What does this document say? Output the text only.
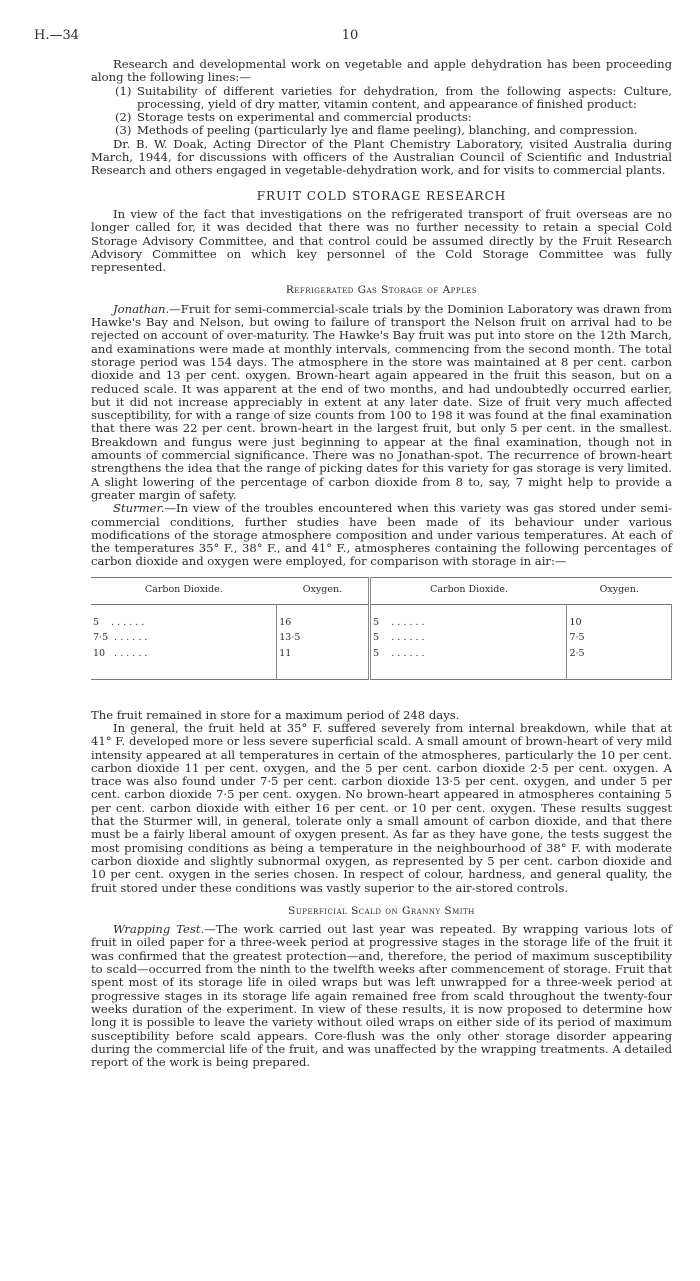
H.—34	10

Research and developmental work on vegetable and apple dehydration has been proceeding along the following lines:—

(1) Suitability of different varieties for dehydration, from the following aspects: Culture, processing, yield of dry matter, vitamin content, and appearance of finished product:
(2) Storage tests on experimental and commercial products:
(3) Methods of peeling (particularly lye and flame peeling), blanching, and compression.

Dr. B. W. Doak, Acting Director of the Plant Chemistry Laboratory, visited Australia during March, 1944, for discussions with officers of the Australian Council of Scientific and Industrial Research and others engaged in vegetable-dehydration work, and for visits to commercial plants.

FRUIT COLD STORAGE RESEARCH

In view of the fact that investigations on the refrigerated transport of fruit overseas are no longer called for, it was decided that there was no further necessity to retain a special Cold Storage Advisory Committee, and that control could be assumed directly by the Fruit Research Advisory Committee on which key personnel of the Cold Storage Committee was fully represented.

Refrigerated Gas Storage of Apples

Jonathan.—Fruit for semi-commercial-scale trials by the Dominion Laboratory was drawn from Hawke's Bay and Nelson, but owing to failure of transport the Nelson fruit on arrival had to be rejected on account of over-maturity. The Hawke's Bay fruit was put into store on the 12th March, and examinations were made at monthly intervals, commencing from the second month. The total storage period was 154 days. The atmosphere in the store was maintained at 8 per cent. carbon dioxide and 13 per cent. oxygen. Brown-heart again appeared in the fruit this season, but on a reduced scale. It was apparent at the end of two months, and had undoubtedly occurred earlier, but it did not increase appreciably in extent at any later date. Size of fruit very much affected susceptibility, for with a range of size counts from 100 to 198 it was found at the final examination that there was 22 per cent. brown-heart in the largest fruit, but only 5 per cent. in the smallest. Breakdown and fungus were just beginning to appear at the final examination, though not in amounts of commercial significance. There was no Jonathan-spot. The recurrence of brown-heart strengthens the idea that the range of picking dates for this variety for gas storage is very limited. A slight lowering of the percentage of carbon dioxide from 8 to, say, 7 might help to provide a greater margin of safety.

Sturmer.—In view of the troubles encountered when this variety was gas stored under semi-commercial conditions, further studies have been made of its behaviour under various modifications of the storage atmosphere composition and under various temperatures. At each of the temperatures 35° F., 38° F., and 41° F., atmospheres containing the following percentages of carbon dioxide and oxygen were employed, for comparison with storage in air:—

Carbon Dioxide.	Oxygen.	Carbon Dioxide.	Oxygen.

5 . . . . . .	16	5 . . . . . .	10
7·5 . . . . . .	13·5	5 . . . . . .	7·5
10 . . . . . .	11	5 . . . . . .	2·5

The fruit remained in store for a maximum period of 248 days.

In general, the fruit held at 35° F. suffered severely from internal breakdown, while that at 41° F. developed more or less severe superficial scald. A small amount of brown-heart of very mild intensity appeared at all temperatures in certain of the atmospheres, particularly the 10 per cent. carbon dioxide 11 per cent. oxygen, and the 5 per cent. carbon dioxide 2·5 per cent. oxygen. A trace was also found under 7·5 per cent. carbon dioxide 13·5 per cent. oxygen, and under 5 per cent. carbon dioxide 7·5 per cent. oxygen. No brown-heart appeared in atmospheres containing 5 per cent. carbon dioxide with either 16 per cent. or 10 per cent. oxygen. These results suggest that the Sturmer will, in general, tolerate only a small amount of carbon dioxide, and that there must be a fairly liberal amount of oxygen present. As far as they have gone, the tests suggest the most promising conditions as being a temperature in the neighbourhood of 38° F. with moderate carbon dioxide and slightly subnormal oxygen, as represented by 5 per cent. carbon dioxide and 10 per cent. oxygen in the series chosen. In respect of colour, hardness, and general quality, the fruit stored under these conditions was vastly superior to the air-stored controls.

Superficial Scald on Granny Smith

Wrapping Test.—The work carried out last year was repeated. By wrapping various lots of fruit in oiled paper for a three-week period at progressive stages in the storage life of the fruit it was confirmed that the greatest protection—and, therefore, the period of maximum susceptibility to scald—occurred from the ninth to the twelfth weeks after commencement of storage. Fruit that spent most of its storage life in oiled wraps but was left unwrapped for a three-week period at progressive stages in its storage life again remained free from scald throughout the twenty-four weeks duration of the experiment. In view of these results, it is now proposed to determine how long it is possible to leave the variety without oiled wraps on either side of its period of maximum susceptibility before scald appears. Core-flush was the only other storage disorder appearing during the commercial life of the fruit, and was unaffected by the wrapping treatments. A detailed report of the work is being prepared.
